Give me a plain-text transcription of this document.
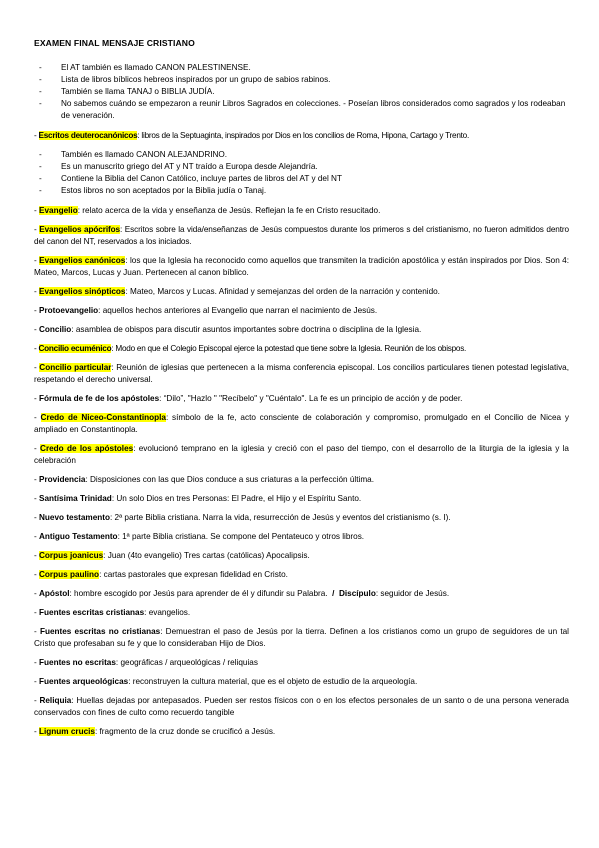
EXAMEN FINAL MENSAJE CRISTIANO
- El AT también es llamado CANON PALESTINENSE.
- Lista de libros bíblicos hebreos inspirados por un grupo de sabios rabinos.
- También se llama TANAJ o BIBLIA JUDÍA.
- No sabemos cuándo se empezaron a reunir Libros Sagrados en colecciones. - Poseían libros considerados como sagrados y los rodeaban de veneración.

- Escritos deuterocanónicos: libros de la Septuaginta, inspirados por Dios en los concilios de Roma, Hipona, Cartago y Trento.

- También es llamado CANON ALEJANDRINO.
- Es un manuscrito griego del AT y NT traído a Europa desde Alejandría.
- Contiene la Biblia del Canon Católico, incluye partes de libros del AT y del NT
- Estos libros no son aceptados por la Biblia judía o Tanaj.

- Evangelio: relato acerca de la vida y enseñanza de Jesús. Reflejan la fe en Cristo resucitado.

- Evangelios apócrifos: Escritos sobre la vida/enseñanzas de Jesús compuestos durante los primeros s del cristianismo, no fueron admitidos dentro del canon del NT, reservados a los iniciados.

- Evangelios canónicos: los que la Iglesia ha reconocido como aquellos que transmiten la tradición apostólica y están inspirados por Dios. Son 4: Mateo, Marcos, Lucas y Juan. Pertenecen al canon bíblico.

- Evangelios sinópticos: Mateo, Marcos y Lucas. Afinidad y semejanzas del orden de la narración y contenido.

- Protoevangelio: aquellos hechos anteriores al Evangelio que narran el nacimiento de Jesús.

- Concilio: asamblea de obispos para discutir asuntos importantes sobre doctrina o disciplina de la Iglesia.

- Concilio ecuménico: Modo en que el Colegio Episcopal ejerce la potestad que tiene sobre la Iglesia. Reunión de los obispos.

- Concilio particular: Reunión de iglesias que pertenecen a la misma conferencia episcopal. Los concilios particulares tienen potestad legislativa, respetando el derecho universal.

- Fórmula de fe de los apóstoles: “Dilo”, "Hazlo " "Recíbelo" y "Cuéntalo". La fe es un principio de acción y de poder.

- Credo de Niceo-Constantinopla: símbolo de la fe, acto consciente de colaboración y compromiso, promulgado en el Concilio de Nicea y ampliado en Constantinopla.

- Credo de los apóstoles: evolucionó temprano en la iglesia y creció con el paso del tiempo, con el desarrollo de la liturgia de la iglesia y la celebración

- Providencia: Disposiciones con las que Dios conduce a sus criaturas a la perfección última.

- Santísima Trinidad: Un solo Dios en tres Personas: El Padre, el Hijo y el Espíritu Santo.

- Nuevo testamento: 2ª parte Biblia cristiana. Narra la vida, resurrección de Jesús y eventos del cristianismo (s. I).

- Antiguo Testamento: 1ª parte Biblia cristiana. Se compone del Pentateuco y otros libros.

- Corpus joanicus: Juan (4to evangelio) Tres cartas (católicas) Apocalipsis.

- Corpus paulino: cartas pastorales que expresan fidelidad en Cristo.

- Apóstol: hombre escogido por Jesús para aprender de él y difundir su Palabra. / Discípulo: seguidor de Jesús.

- Fuentes escritas cristianas: evangelios.

- Fuentes escritas no cristianas: Demuestran el paso de Jesús por la tierra. Definen a los cristianos como un grupo de seguidores de un tal Cristo que profesaban su fe y que lo consideraban Hijo de Dios.

- Fuentes no escritas: geográficas / arqueológicas / reliquias

- Fuentes arqueológicas: reconstruyen la cultura material, que es el objeto de estudio de la arqueología.

- Reliquia: Huellas dejadas por antepasados. Pueden ser restos físicos con o en los efectos personales de un santo o de una persona venerada conservados con fines de culto como recuerdo tangible

- Lignum crucis: fragmento de la cruz donde se crucificó a Jesús.
